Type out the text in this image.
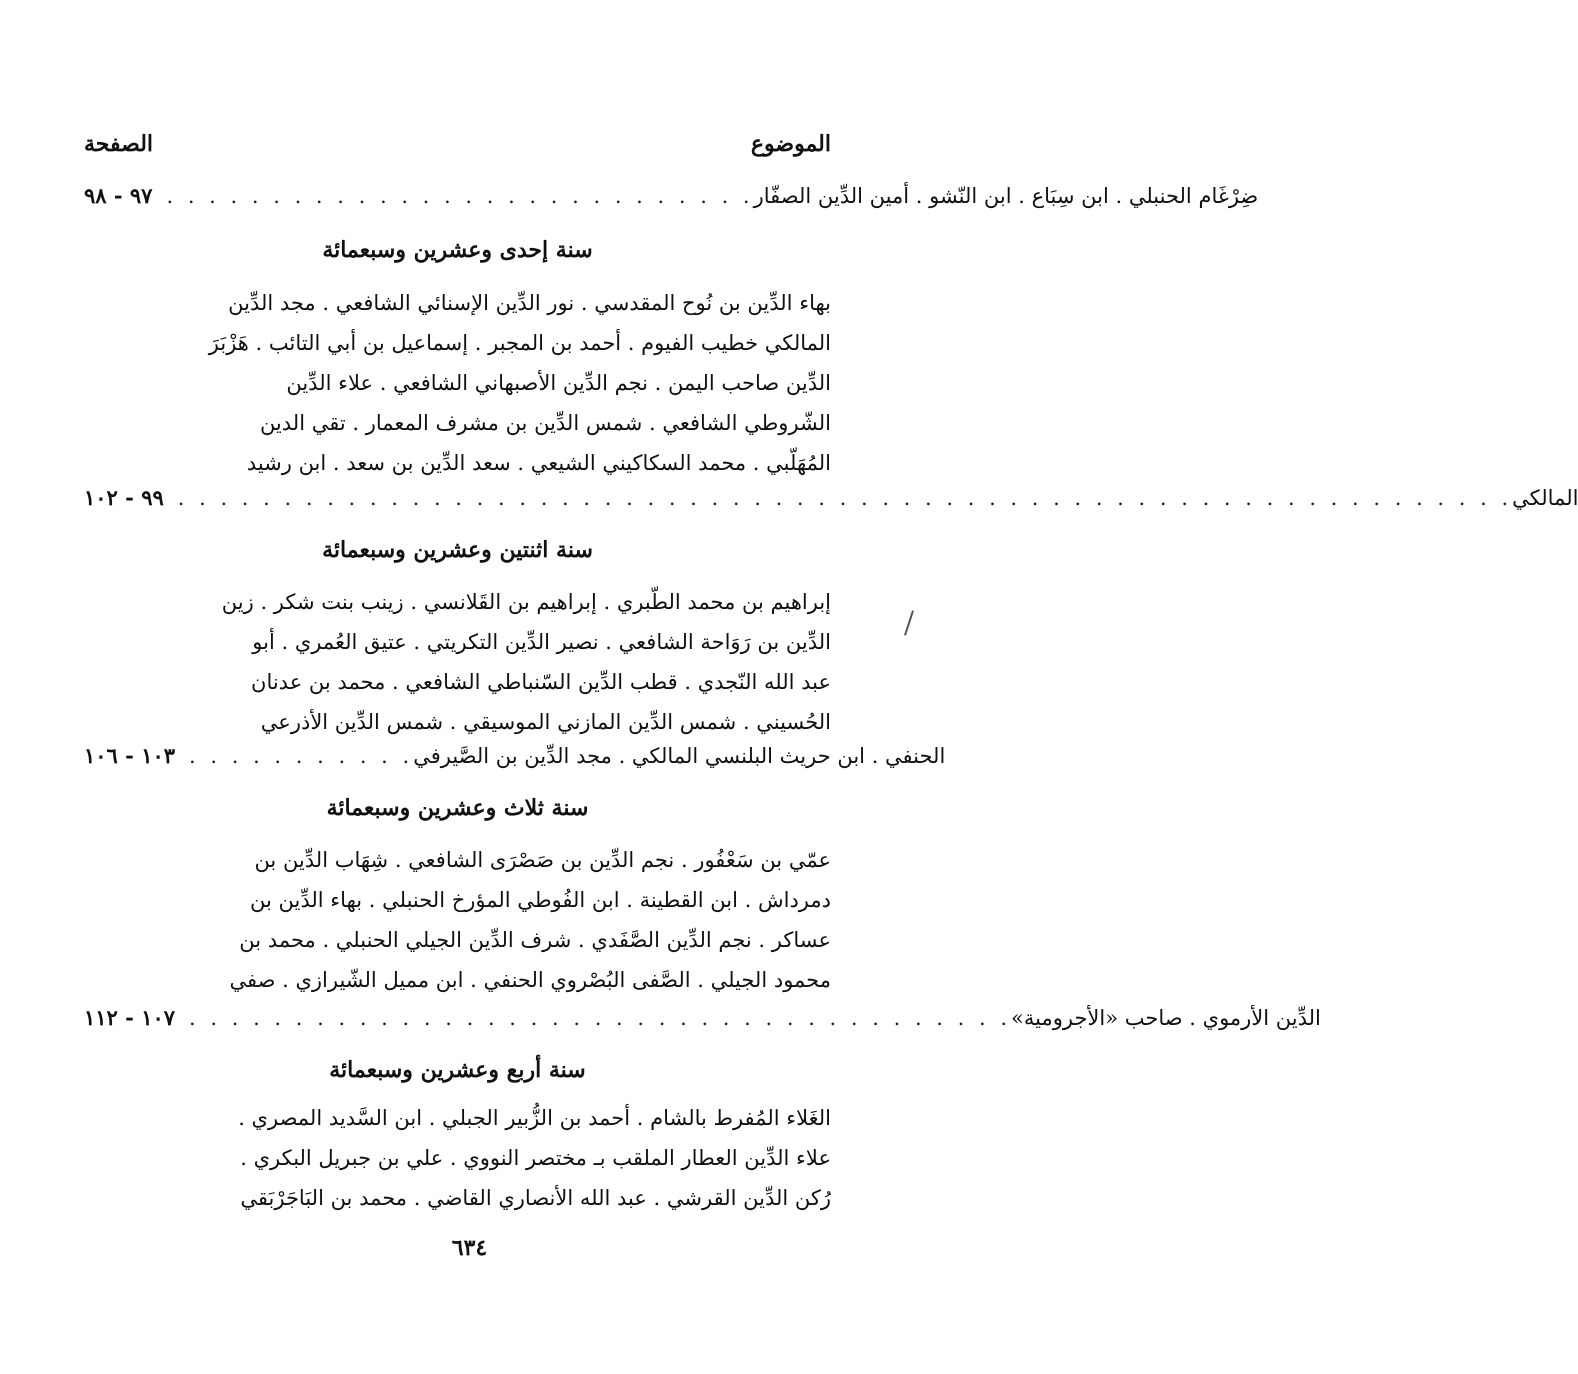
الصفحة	الموضوع
٩٧ - ٩٨ . . . . . . . . . . . . . . . . . . . . . . . . . . . . ضِرْغَام الحنبلي . ابن سِبَاع . ابن النّشو . أمين الدِّين الصفّار
سنة إحدى وعشرين وسبعمائة
بهاء الدِّين بن نُوح المقدسي . نور الدِّين الإسنائي الشافعي . مجد الدِّين
المالكي خطيب الفيوم . أحمد بن المجبر . إسماعيل بن أبي التائب . هَزْبَرَ
الدِّين صاحب اليمن . نجم الدِّين الأصبهاني الشافعي . علاء الدِّين
الشّروطي الشافعي . شمس الدِّين بن مشرف المعمار . تقي الدين
المُهَلّبي . محمد السكاكيني الشيعي . سعد الدِّين بن سعد . ابن رشيد
٩٩ - ١٠٢ . . . . . . . . . . . . . . . . . . . . . . . . . . . . . . . . . . . . . . . . . . . . . . . . . . . . . . . . . . . . . . . المالكي
سنة اثنتين وعشرين وسبعمائة
إبراهيم بن محمد الطّبري . إبراهيم بن القَلانسي . زينب بنت شكر . زين
الدِّين بن رَوَاحة الشافعي . نصير الدِّين التكريتي . عتيق العُمري . أبو
عبد الله النّجدي . قطب الدِّين السّنباطي الشافعي . محمد بن عدنان
الحُسيني . شمس الدِّين المازني الموسيقي . شمس الدِّين الأذرعي
١٠٣ - ١٠٦ . . . . . . . . . . . الحنفي . ابن حريث البلنسي المالكي . مجد الدِّين بن الصَّيرفي
سنة ثلاث وعشرين وسبعمائة
عمّي بن سَعْفُور . نجم الدِّين بن صَصْرَى الشافعي . شِهَاب الدِّين بن
دمرداش . ابن القطينة . ابن الفُوطي المؤرخ الحنبلي . بهاء الدِّين بن
عساكر . نجم الدِّين الصَّفَدي . شرف الدِّين الجيلي الحنبلي . محمد بن
محمود الجيلي . الصَّفى البُصْروي الحنفي . ابن مميل الشّيرازي . صفي
١٠٧ - ١١٢ . . . . . . . . . . . . . . . . . . . . . . . . . . . . . . . . . . . . . . . الدِّين الأرموي . صاحب «الأجرومية»
سنة أربع وعشرين وسبعمائة
الغَلاء المُفرط بالشام . أحمد بن الزُّبير الجبلي . ابن السَّديد المصري .
علاء الدِّين العطار الملقب بـ مختصر النووي . علي بن جبريل البكري .
رُكن الدِّين القرشي . عبد الله الأنصاري القاضي . محمد بن البَاجَرْبَقي
٦٣٤
